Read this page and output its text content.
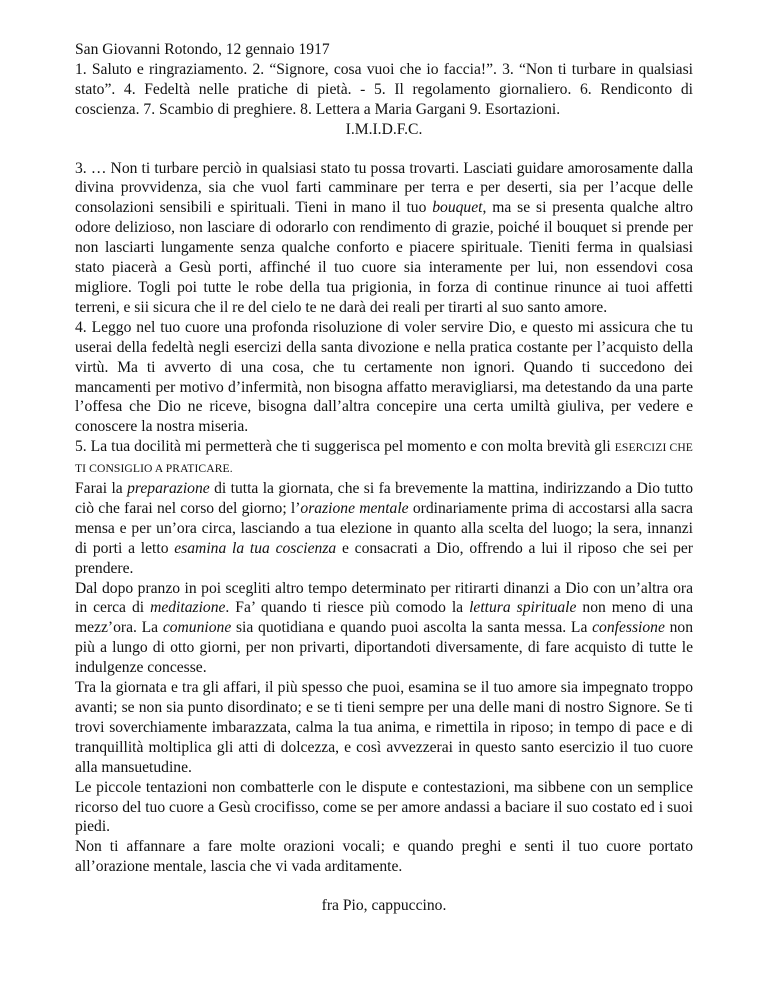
San Giovanni Rotondo, 12 gennaio 1917

1. Saluto e ringraziamento. 2. “Signore, cosa vuoi che io faccia!”. 3. “Non ti turbare in qualsiasi stato”. 4. Fedeltà nelle pratiche di pietà. - 5. Il regolamento giornaliero. 6. Rendiconto di coscienza. 7. Scambio di preghiere. 8. Lettera a Maria Gargani 9. Esortazioni.

I.M.I.D.F.C.

3. … Non ti turbare perciò in qualsiasi stato tu possa trovarti. Lasciati guidare amorosamente dalla divina provvidenza, sia che vuol farti camminare per terra e per deserti, sia per l’acque delle consolazioni sensibili e spirituali. Tieni in mano il tuo bouquet, ma se si presenta qualche altro odore delizioso, non lasciare di odorarlo con rendimento di grazie, poiché il bouquet si prende per non lasciarti lungamente senza qualche conforto e piacere spirituale. Tieniti ferma in qualsiasi stato piacerà a Gesù porti, affinché il tuo cuore sia interamente per lui, non essendovi cosa migliore. Togli poi tutte le robe della tua prigionia, in forza di continue rinunce ai tuoi affetti terreni, e sii sicura che il re del cielo te ne darà dei reali per tirarti al suo santo amore.

4. Leggo nel tuo cuore una profonda risoluzione di voler servire Dio, e questo mi assicura che tu userai della fedeltà negli esercizi della santa divozione e nella pratica costante per l’acquisto della virtù. Ma ti avverto di una cosa, che tu certamente non ignori. Quando ti succedono dei mancamenti per motivo d’infermità, non bisogna affatto meravigliarsi, ma detestando da una parte l’offesa che Dio ne riceve, bisogna dall’altra concepire una certa umiltà giuliva, per vedere e conoscere la nostra miseria.

5. La tua docilità mi permetterà che ti suggerisca pel momento e con molta brevità gli ESERCIZI CHE TI CONSIGLIO A PRATICARE.

Farai la preparazione di tutta la giornata, che si fa brevemente la mattina, indirizzando a Dio tutto ciò che farai nel corso del giorno; l’orazione mentale ordinariamente prima di accostarsi alla sacra mensa e per un’ora circa, lasciando a tua elezione in quanto alla scelta del luogo; la sera, innanzi di porti a letto esamina la tua coscienza e consacrati a Dio, offrendo a lui il riposo che sei per prendere.

Dal dopo pranzo in poi scegliti altro tempo determinato per ritirarti dinanzi a Dio con un’altra ora in cerca di meditazione. Fa’ quando ti riesce più comodo la lettura spirituale non meno di una mezz’ora. La comunione sia quotidiana e quando puoi ascolta la santa messa. La confessione non più a lungo di otto giorni, per non privarti, diportandoti diversamente, di fare acquisto di tutte le indulgenze concesse.

Tra la giornata e tra gli affari, il più spesso che puoi, esamina se il tuo amore sia impegnato troppo avanti; se non sia punto disordinato; e se ti tieni sempre per una delle mani di nostro Signore. Se ti trovi soverchiamente imbarazzata, calma la tua anima, e rimettila in riposo; in tempo di pace e di tranquillità moltiplica gli atti di dolcezza, e così avvezzerai in questo santo esercizio il tuo cuore alla mansuetudine.

Le piccole tentazioni non combatterle con le dispute e contestazioni, ma sibbene con un semplice ricorso del tuo cuore a Gesù crocifisso, come se per amore andassi a baciare il suo costato ed i suoi piedi.

Non ti affannare a fare molte orazioni vocali; e quando preghi e senti il tuo cuore portato all’orazione mentale, lascia che vi vada arditamente.

fra Pio, cappuccino.
